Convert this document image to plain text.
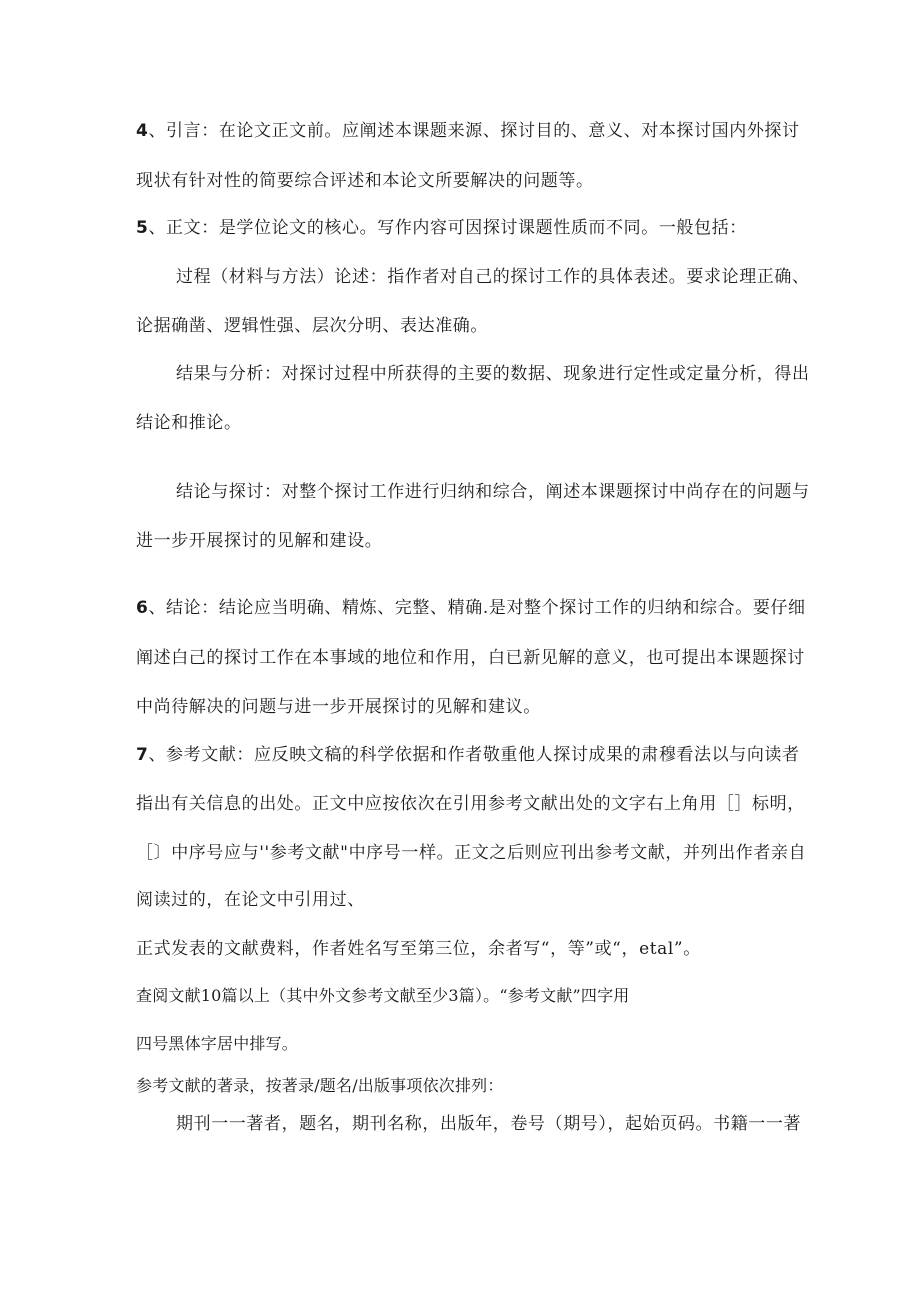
4、引言：在论文正文前。应阐述本课题来源、探讨目的、意义、对本探讨国内外探讨
现状有针对性的简要综合评述和本论文所要解决的问题等。
5、正文：是学位论文的核心。写作内容可因探讨课题性质而不同。一般包括：
过程（材料与方法）论述：指作者对自己的探讨工作的具体表述。要求论理正确、
论据确凿、逻辑性强、层次分明、表达准确。
结果与分析：对探讨过程中所获得的主要的数据、现象进行定性或定量分析，得出
结论和推论。
结论与探讨：对整个探讨工作进行归纳和综合，阐述本课题探讨中尚存在的问题与
进一步开展探讨的见解和建设。
6、结论：结论应当明确、精炼、完整、精确.是对整个探讨工作的归纳和综合。要仔细
阐述白己的探讨工作在本事域的地位和作用，白已新见解的意义，也可提出本课题探讨
中尚待解决的问题与进一步开展探讨的见解和建议。
7、参考文献：应反映文稿的科学依据和作者敬重他人探讨成果的肃穆看法以与向读者
指出有关信息的出处。正文中应按依次在引用参考文献出处的文字右上角用［］标明，
［〕中序号应与''参考文献"中序号一样。正文之后则应刊出参考文献，并列出作者亲自
阅读过的，在论文中引用过、
正式发表的文献费料，作者姓名写至第三位，余者写“，等”或“，etal”。
查阅文献10篇以上（其中外文参考文献至少3篇）。“参考文献”四字用
四号黑体字居中排写。
参考文献的著录，按著录/题名/出版事项依次排列：
期刊一一著者，题名，期刊名称，出版年，卷号（期号），起始页码。书籍一一著
